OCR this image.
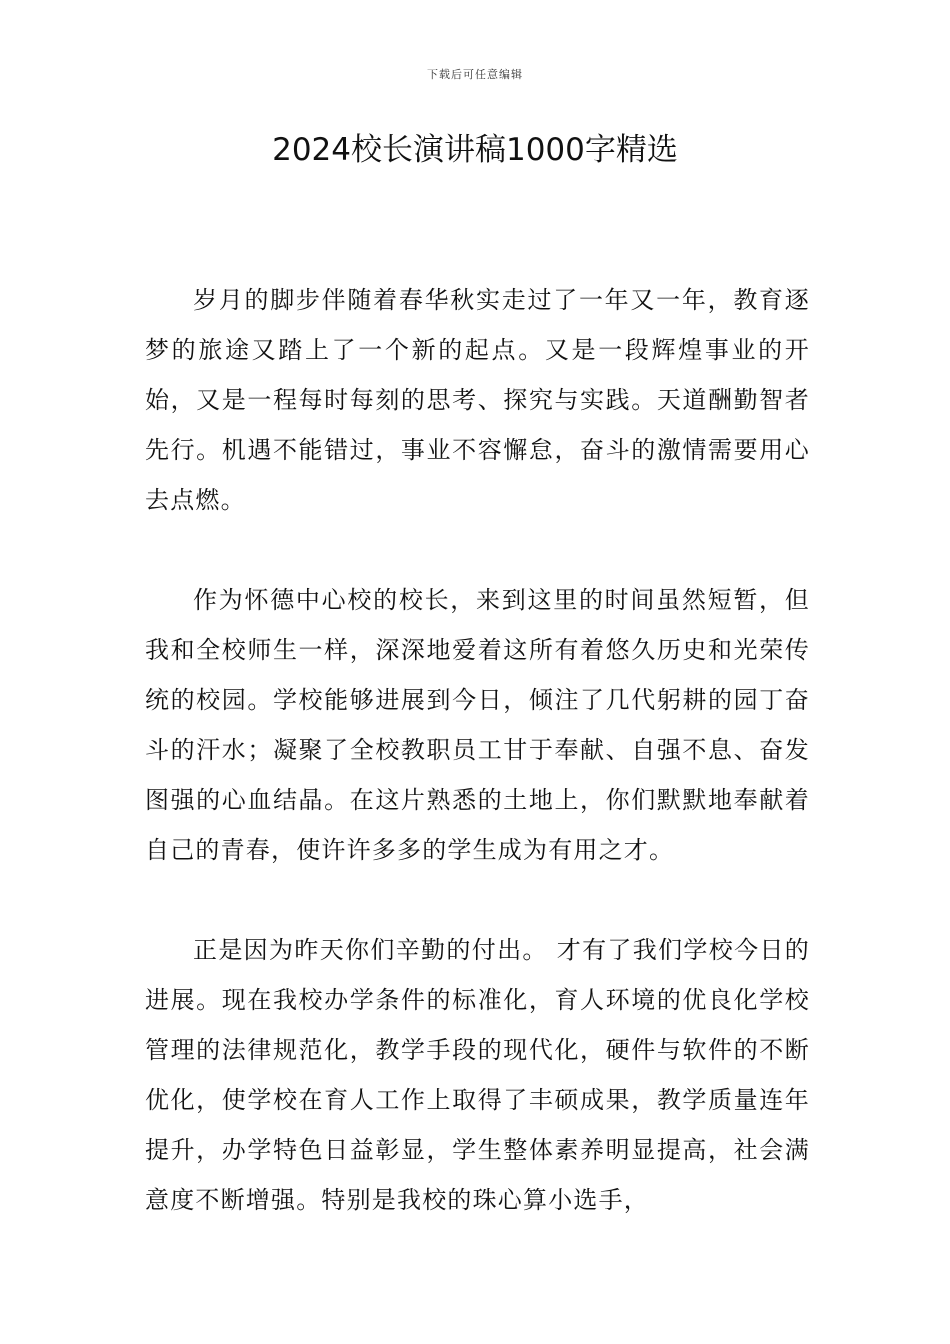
下载后可任意编辑
2024校长演讲稿1000字精选

岁月的脚步伴随着春华秋实走过了一年又一年，教育逐梦的旅途又踏上了一个新的起点。又是一段辉煌事业的开始，又是一程每时每刻的思考、探究与实践。天道酬勤智者先行。机遇不能错过，事业不容懈怠，奋斗的激情需要用心去点燃。

作为怀德中心校的校长，来到这里的时间虽然短暂，但我和全校师生一样，深深地爱着这所有着悠久历史和光荣传统的校园。学校能够进展到今日，倾注了几代躬耕的园丁奋斗的汗水；凝聚了全校教职员工甘于奉献、自强不息、奋发图强的心血结晶。在这片熟悉的土地上，你们默默地奉献着自己的青春，使许许多多的学生成为有用之才。

正是因为昨天你们辛勤的付出。 才有了我们学校今日的进展。现在我校办学条件的标准化，育人环境的优良化学校管理的法律规范化，教学手段的现代化，硬件与软件的不断优化，使学校在育人工作上取得了丰硕成果，教学质量连年提升，办学特色日益彰显，学生整体素养明显提高，社会满意度不断增强。特别是我校的珠心算小选手，
